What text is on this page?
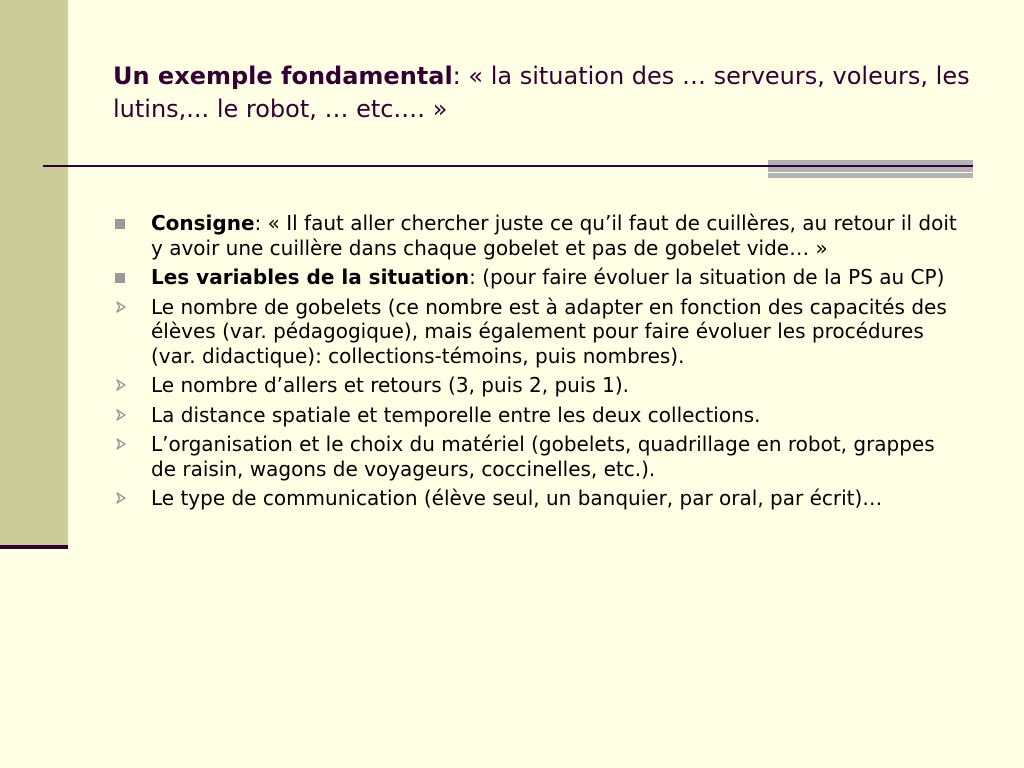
Un exemple fondamental: « la situation des … serveurs, voleurs, les lutins,... le robot, … etc.… »
Consigne: « Il faut aller chercher juste ce qu’il faut de cuillères, au retour il doit y avoir une cuillère dans chaque gobelet et pas de gobelet vide… »
Les variables de la situation: (pour faire évoluer la situation de la PS au CP)
Le nombre de gobelets (ce nombre est à adapter en fonction des capacités des élèves (var. pédagogique), mais également pour faire évoluer les procédures (var. didactique): collections-témoins, puis nombres).
Le nombre d’allers et retours (3, puis 2, puis 1).
La distance spatiale et temporelle entre les deux collections.
L’organisation et le choix du matériel (gobelets, quadrillage en robot, grappes de raisin, wagons de voyageurs, coccinelles, etc.).
Le type de communication (élève seul, un banquier, par oral, par écrit)…
